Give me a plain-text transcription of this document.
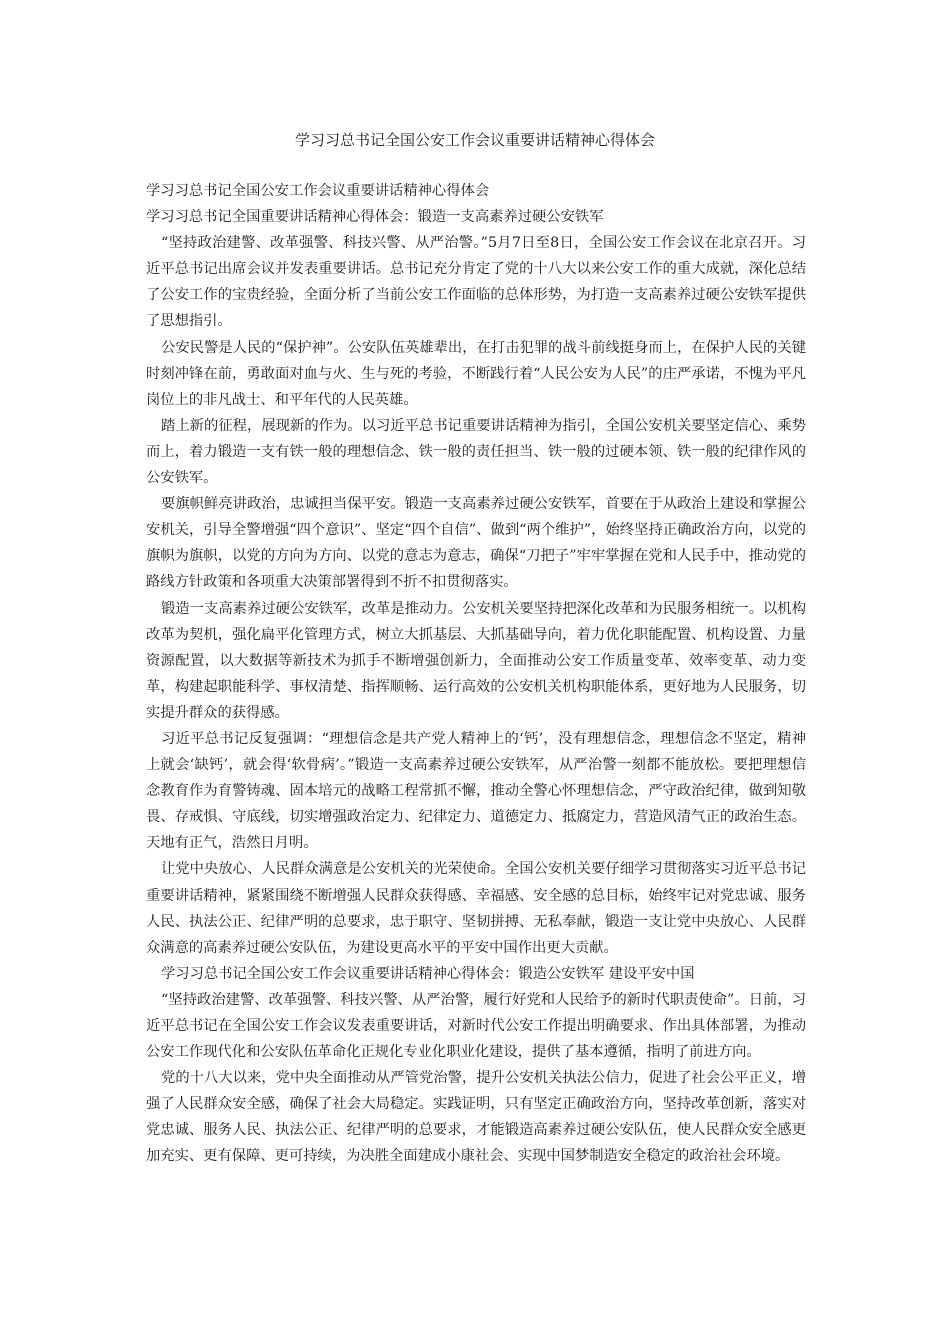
学习习总书记全国公安工作会议重要讲话精神心得体会

学习习总书记全国公安工作会议重要讲话精神心得体会

学习习总书记全国重要讲话精神心得体会：锻造一支高素养过硬公安铁军

“坚持政治建警、改革强警、科技兴警、从严治警。”5月7日至8日，全国公安工作会议在北京召开。习近平总书记出席会议并发表重要讲话。总书记充分肯定了党的十八大以来公安工作的重大成就，深化总结了公安工作的宝贵经验，全面分析了当前公安工作面临的总体形势，为打造一支高素养过硬公安铁军提供了思想指引。

公安民警是人民的“保护神”。公安队伍英雄辈出，在打击犯罪的战斗前线挺身而上，在保护人民的关键时刻冲锋在前，勇敢面对血与火、生与死的考验，不断践行着“人民公安为人民”的庄严承诺，不愧为平凡岗位上的非凡战士、和平年代的人民英雄。

踏上新的征程，展现新的作为。以习近平总书记重要讲话精神为指引，全国公安机关要坚定信心、乘势而上，着力锻造一支有铁一般的理想信念、铁一般的责任担当、铁一般的过硬本领、铁一般的纪律作风的公安铁军。

要旗帜鲜亮讲政治，忠诚担当保平安。锻造一支高素养过硬公安铁军，首要在于从政治上建设和掌握公安机关，引导全警增强“四个意识”、坚定“四个自信”、做到“两个维护”，始终坚持正确政治方向，以党的旗帜为旗帜，以党的方向为方向、以党的意志为意志，确保“刀把子”牢牢掌握在党和人民手中，推动党的路线方针政策和各项重大决策部署得到不折不扣贯彻落实。

锻造一支高素养过硬公安铁军，改革是推动力。公安机关要坚持把深化改革和为民服务相统一。以机构改革为契机，强化扁平化管理方式，树立大抓基层、大抓基础导向，着力优化职能配置、机构设置、力量资源配置，以大数据等新技术为抓手不断增强创新力，全面推动公安工作质量变革、效率变革、动力变革，构建起职能科学、事权清楚、指挥顺畅、运行高效的公安机关机构职能体系，更好地为人民服务，切实提升群众的获得感。

习近平总书记反复强调：“理想信念是共产党人精神上的‘钙’，没有理想信念，理想信念不坚定，精神上就会‘缺钙’，就会得‘软骨病’。”锻造一支高素养过硬公安铁军，从严治警一刻都不能放松。要把理想信念教育作为育警铸魂、固本培元的战略工程常抓不懈，推动全警心怀理想信念，严守政治纪律，做到知敬畏、存戒惧、守底线，切实增强政治定力、纪律定力、道德定力、抵腐定力，营造风清气正的政治生态。天地有正气，浩然日月明。

让党中央放心、人民群众满意是公安机关的光荣使命。全国公安机关要仔细学习贯彻落实习近平总书记重要讲话精神，紧紧围绕不断增强人民群众获得感、幸福感、安全感的总目标，始终牢记对党忠诚、服务人民、执法公正、纪律严明的总要求，忠于职守、坚韧拼搏、无私奉献，锻造一支让党中央放心、人民群众满意的高素养过硬公安队伍，为建设更高水平的平安中国作出更大贡献。

学习习总书记全国公安工作会议重要讲话精神心得体会：锻造公安铁军 建设平安中国

“坚持政治建警、改革强警、科技兴警、从严治警，履行好党和人民给予的新时代职责使命”。日前，习近平总书记在全国公安工作会议发表重要讲话，对新时代公安工作提出明确要求、作出具体部署，为推动公安工作现代化和公安队伍革命化正规化专业化职业化建设，提供了基本遵循，指明了前进方向。

党的十八大以来，党中央全面推动从严管党治警，提升公安机关执法公信力，促进了社会公平正义，增强了人民群众安全感，确保了社会大局稳定。实践证明，只有坚定正确政治方向，坚持改革创新，落实对党忠诚、服务人民、执法公正、纪律严明的总要求，才能锻造高素养过硬公安队伍，使人民群众安全感更加充实、更有保障、更可持续，为决胜全面建成小康社会、实现中国梦制造安全稳定的政治社会环境。
